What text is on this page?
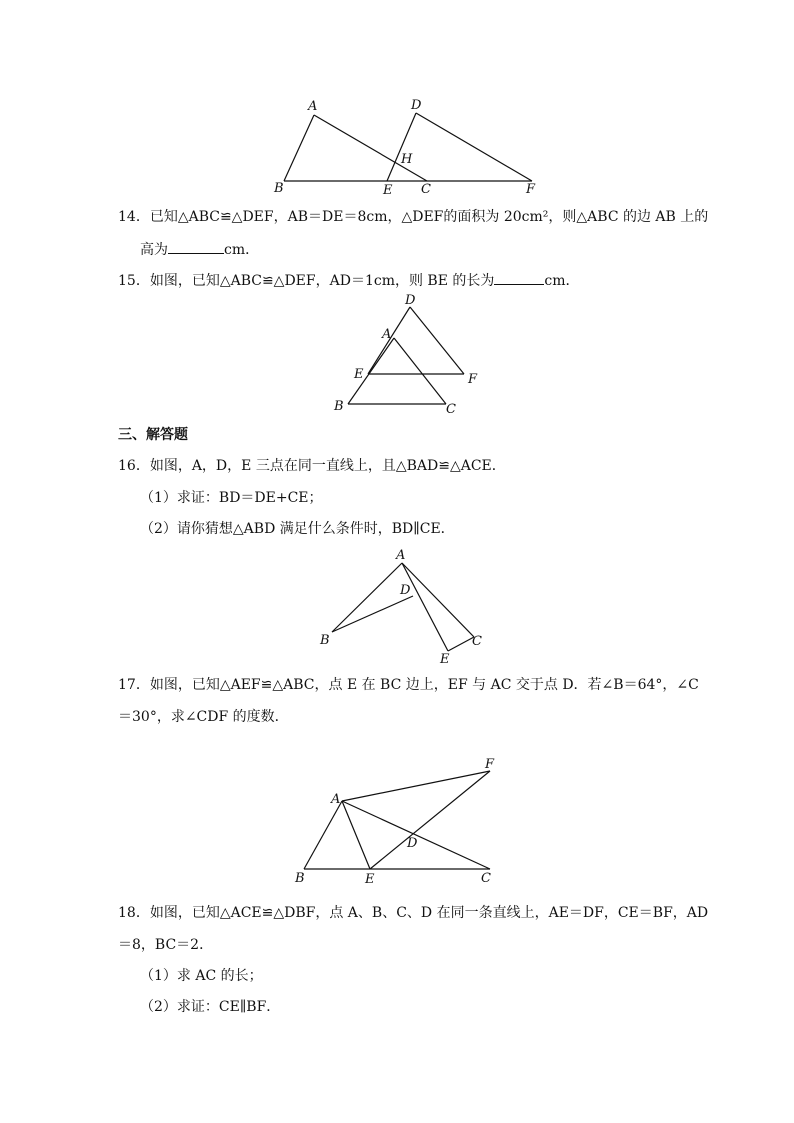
A	D
H
B	E C	F
14．已知△ABC≌△DEF，AB＝DE＝8cm，△DEF的面积为 20cm²，则△ABC 的边 AB 上的
高为	cm．
15．如图，已知△ABC≌△DEF，AD＝1cm，则 BE 的长为	cm．
D
A
E	F
B	C
三、解答题
16．如图，A，D，E 三点在同一直线上，且△BAD≌△ACE．
（1）求证：BD＝DE+CE；
（2）请你猜想△ABD 满足什么条件时，BD∥CE．
A
D
B	C
E
17．如图，已知△AEF≌△ABC，点 E 在 BC 边上，EF 与 AC 交于点 D．若∠B＝64°，∠C
＝30°，求∠CDF 的度数．
F
A
D
B	E	C
18．如图，已知△ACE≌△DBF，点 A、B、C、D 在同一条直线上，AE＝DF，CE＝BF，AD
＝8，BC＝2．
（1）求 AC 的长；
（2）求证：CE∥BF．
